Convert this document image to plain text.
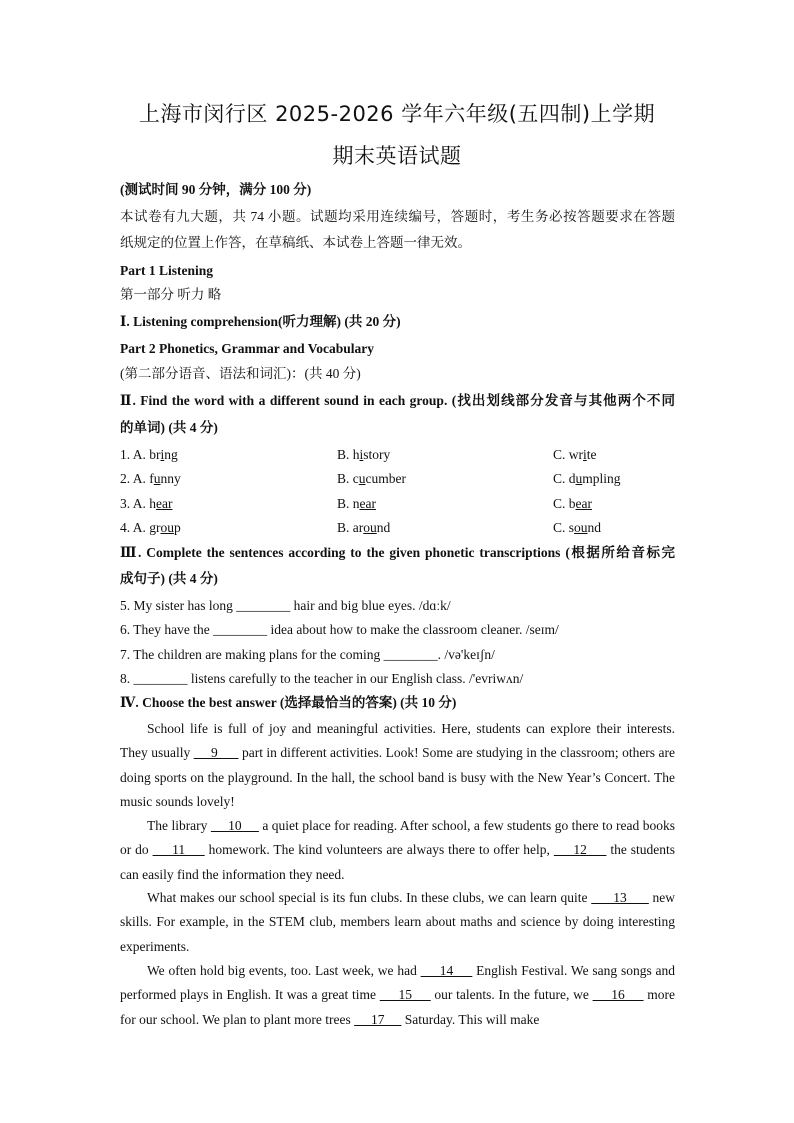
上海市闵行区 2025-2026 学年六年级(五四制)上学期
期末英语试题
(测试时间 90 分钟，满分 100 分)
本试卷有九大题，共 74 小题。试题均采用连续编号，答题时，考生务必按答题要求在答题
纸规定的位置上作答，在草稿纸、本试卷上答题一律无效。
Part 1 Listening
第一部分 听力 略
Ⅰ. Listening comprehension(听力理解) (共 20 分)
Part 2 Phonetics, Grammar and Vocabulary
(第二部分语音、语法和词汇)：(共 40 分)
Ⅱ. Find the word with a different sound in each group. (找出划线部分发音与其他两个不同
的单词) (共 4 分)
1. A. bring	B. history	C. write
2. A. funny	B. cucumber	C. dumpling
3. A. hear	B. near	C. bear
4. A. group	B. around	C. sound
Ⅲ. Complete the sentences according to the given phonetic transcriptions (根据所给音标完
成句子) (共 4 分)
5. My sister has long ________ hair and big blue eyes. /dɑːk/
6. They have the ________ idea about how to make the classroom cleaner. /seɪm/
7. The children are making plans for the coming ________. /və'keɪʃn/
8. ________ listens carefully to the teacher in our English class. /'evriwʌn/
Ⅳ. Choose the best answer (选择最恰当的答案) (共 10 分)
School life is full of joy and meaningful activities. Here, students can explore their interests. They usually      9       part in different activities. Look! Some are studying in the classroom; others are doing sports on the playground. In the hall, the school band is busy with the New Year’s Concert. The music sounds lovely!
The library      10      a quiet place for reading. After school, a few students go there to read books or do      11      homework. The kind volunteers are always there to offer help,      12      the students can easily find the information they need.
What makes our school special is its fun clubs. In these clubs, we can learn quite       13       new skills. For example, in the STEM club, members learn about maths and science by doing interesting experiments.
We often hold big events, too. Last week, we had      14      English Festival. We sang songs and performed plays in English. It was a great time      15      our talents. In the future, we      16      more for our school. We plan to plant more trees      17      Saturday. This will make
